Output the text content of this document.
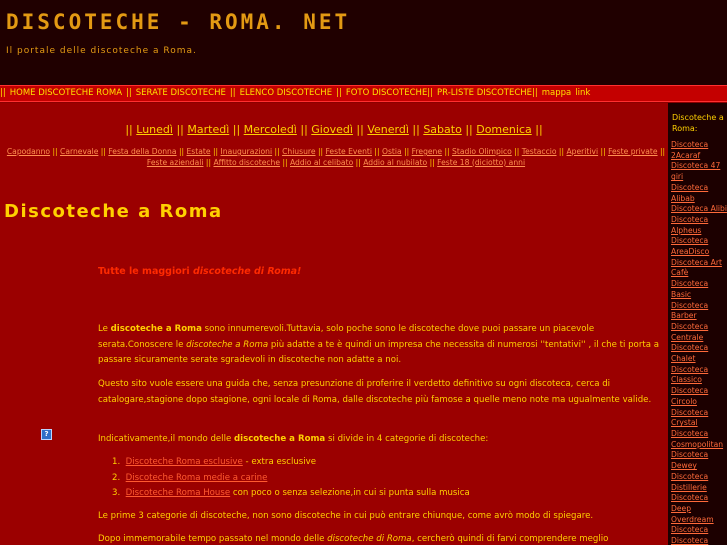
DISCOTECHE - ROMA. NET
Il portale delle discoteche a Roma.
|| HOME DISCOTECHE ROMA || SERATE DISCOTECHE || ELENCO DISCOTECHE || FOTO DISCOTECHE|| PR-LISTE DISCOTECHE|| mappa link
|| Lunedì || Martedì || Mercoledì || Giovedì || Venerdì || Sabato || Domenica ||
Capodanno || Carnevale || Festa della Donna || Estate || Inaugurazioni || Chiusure || Feste Eventi || Ostia || Fregene || Stadio Olimpico || Testaccio || Aperitivi || Feste private || Feste aziendali || Affitto discoteche || Addio al celibato || Addio al nubilato || Feste 18 (diciotto) anni
Discoteche a Roma
Tutte le maggiori discoteche di Roma!

Le discoteche a Roma sono innumerevoli.Tuttavia, solo poche sono le discoteche dove puoi passare un piacevole serata.Conoscere le discoteche a Roma più adatte a te è quindi un impresa che necessita di numerosi ''tentativi'' , il che ti porta a passare sicuramente serate sgradevoli in discoteche non adatte a noi.

Questo sito vuole essere una guida che, senza presunzione di proferire il verdetto definitivo su ogni discoteca, cerca di catalogare,stagione dopo stagione, ogni locale di Roma, dalle discoteche più famose a quelle meno note ma ugualmente valide.

Indicativamente,il mondo delle discoteche a Roma si divide in 4 categorie di discoteche:

1. Discoteche Roma esclusive - extra esclusive
2. Discoteche Roma medie a carine
3. Discoteche Roma House con poco o senza selezione,in cui si punta sulla musica

Le prime 3 categorie di discoteche, non sono discoteche in cui può entrare chiunque, come avrò modo di spiegare.

Dopo immemorabile tempo passato nel mondo delle discoteche di Roma, cercherò quindi di farvi comprendere meglio

?
Discoteche a Roma:
Discoteca 2Acaraf
Discoteca 47 giri
Discoteca Alibab
Discoteca Alibi
Discoteca Alpheus
Discoteca AreaDisco
Discoteca Art Cafè
Discoteca Basic
Discoteca Barber
Discoteca Centrale
Discoteca Chalet
Discoteca Classico
Discoteca Circolo
Discoteca Crystal
Discoteca Cosmopolitan
Discoteca Dewey
Discoteca Distillerie
Discoteca Deep Overdream
Discoteca Discoteca
